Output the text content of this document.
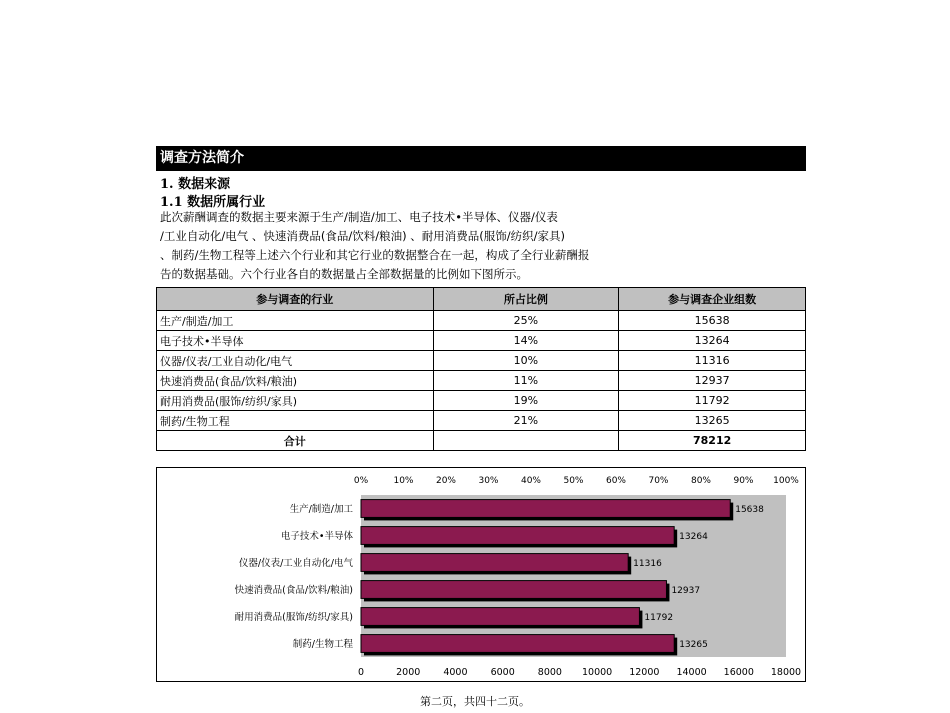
调查方法简介
1. 数据来源
1.1 数据所属行业
此次薪酬调查的数据主要来源于生产/制造/加工、电子技术•半导体、仪器/仪表
/工业自动化/电气 、快速消费品(食品/饮料/粮油) 、耐用消费品(服饰/纺织/家具)
、制药/生物工程等上述六个行业和其它行业的数据整合在一起，构成了全行业薪酬报
告的数据基础。六个行业各自的数据量占全部数据量的比例如下图所示。
参与调查的行业	所占比例	参与调查企业组数
生产/制造/加工	25%	15638
电子技术•半导体	14%	13264
仪器/仪表/工业自动化/电气	10%	11316
快速消费品(食品/饮料/粮油)	11%	12937
耐用消费品(服饰/纺织/家具)	19%	11792
制药/生物工程	21%	13265
合计		78212
15638
生产/制造/加工
13264
电子技术•半导体
11316
仪器/仪表/工业自动化/电气
12937
快速消费品(食品/饮料/粮油)
11792
耐用消费品(服饰/纺织/家具)
13265
制药/生物工程
0	2000 4000 6000 8000 10000 12000 14000 16000 18000
0%	10% 20% 30% 40% 50% 60% 70% 80% 90% 100%
第二页，共四十二页。
